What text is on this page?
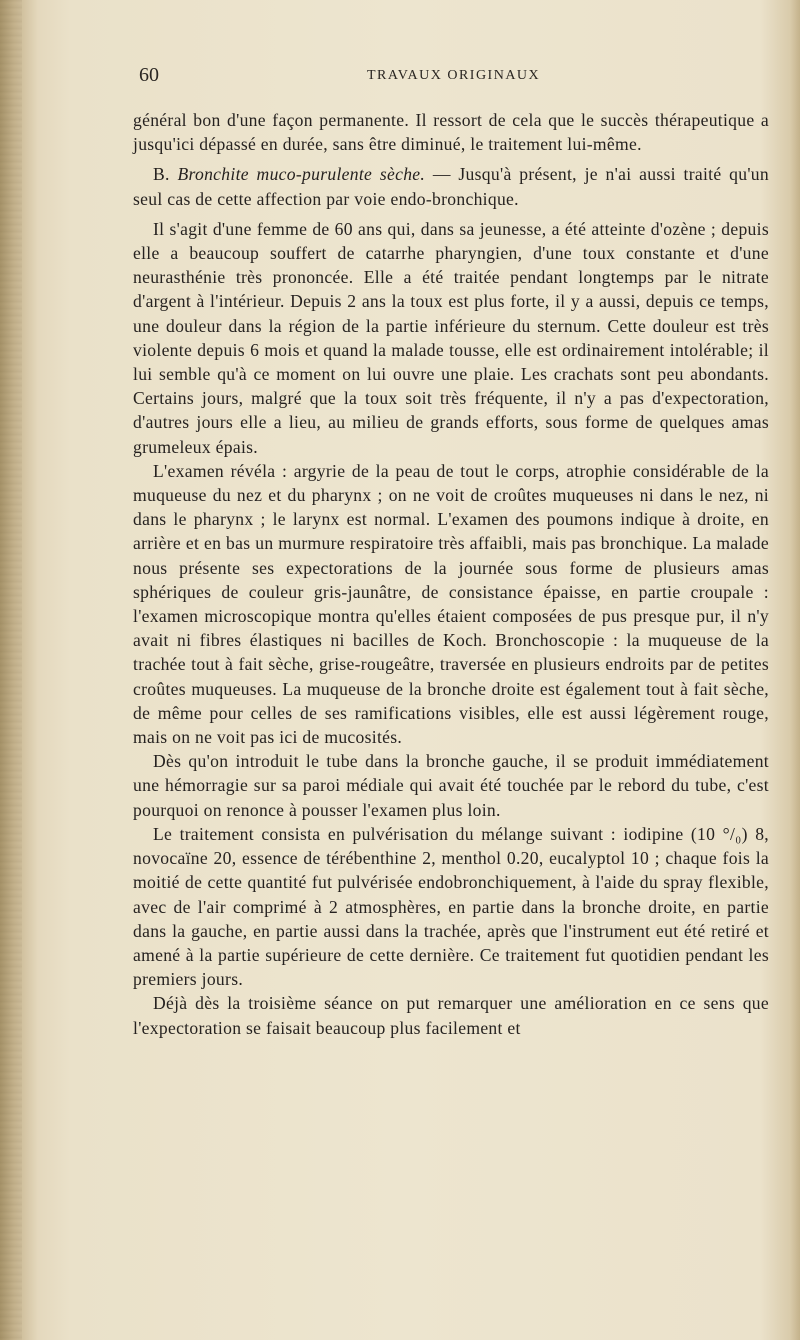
60	TRAVAUX ORIGINAUX

général bon d'une façon permanente. Il ressort de cela que le succès thérapeutique a jusqu'ici dépassé en durée, sans être diminué, le traitement lui-même.

B. Bronchite muco-purulente sèche. — Jusqu'à présent, je n'ai aussi traité qu'un seul cas de cette affection par voie endo-bronchique.

Il s'agit d'une femme de 60 ans qui, dans sa jeunesse, a été atteinte d'ozène ; depuis elle a beaucoup souffert de catarrhe pharyngien, d'une toux constante et d'une neurasthénie très prononcée. Elle a été traitée pendant longtemps par le nitrate d'argent à l'intérieur. Depuis 2 ans la toux est plus forte, il y a aussi, depuis ce temps, une douleur dans la région de la partie inférieure du sternum. Cette douleur est très violente depuis 6 mois et quand la malade tousse, elle est ordinairement intolérable; il lui semble qu'à ce moment on lui ouvre une plaie. Les crachats sont peu abondants. Certains jours, malgré que la toux soit très fréquente, il n'y a pas d'expectoration, d'autres jours elle a lieu, au milieu de grands efforts, sous forme de quelques amas grumeleux épais.

L'examen révéla : argyrie de la peau de tout le corps, atrophie considérable de la muqueuse du nez et du pharynx ; on ne voit de croûtes muqueuses ni dans le nez, ni dans le pharynx ; le larynx est normal. L'examen des poumons indique à droite, en arrière et en bas un murmure respiratoire très affaibli, mais pas bronchique. La malade nous présente ses expectorations de la journée sous forme de plusieurs amas sphériques de couleur gris-jaunâtre, de consistance épaisse, en partie croupale : l'examen microscopique montra qu'elles étaient composées de pus presque pur, il n'y avait ni fibres élastiques ni bacilles de Koch. Bronchoscopie : la muqueuse de la trachée tout à fait sèche, grise-rougeâtre, traversée en plusieurs endroits par de petites croûtes muqueuses. La muqueuse de la bronche droite est également tout à fait sèche, de même pour celles de ses ramifications visibles, elle est aussi légèrement rouge, mais on ne voit pas ici de mucosités.

Dès qu'on introduit le tube dans la bronche gauche, il se produit immédiatement une hémorragie sur sa paroi médiale qui avait été touchée par le rebord du tube, c'est pourquoi on renonce à pousser l'examen plus loin.

Le traitement consista en pulvérisation du mélange suivant : iodipine (10 °/₀) 8, novocaïne 20, essence de térébenthine 2, menthol 0.20, eucalyptol 10 ; chaque fois la moitié de cette quantité fut pulvérisée endobronchiquement, à l'aide du spray flexible, avec de l'air comprimé à 2 atmosphères, en partie dans la bronche droite, en partie dans la gauche, en partie aussi dans la trachée, après que l'instrument eut été retiré et amené à la partie supérieure de cette dernière. Ce traitement fut quotidien pendant les premiers jours.

Déjà dès la troisième séance on put remarquer une amélioration en ce sens que l'expectoration se faisait beaucoup plus facilement et
